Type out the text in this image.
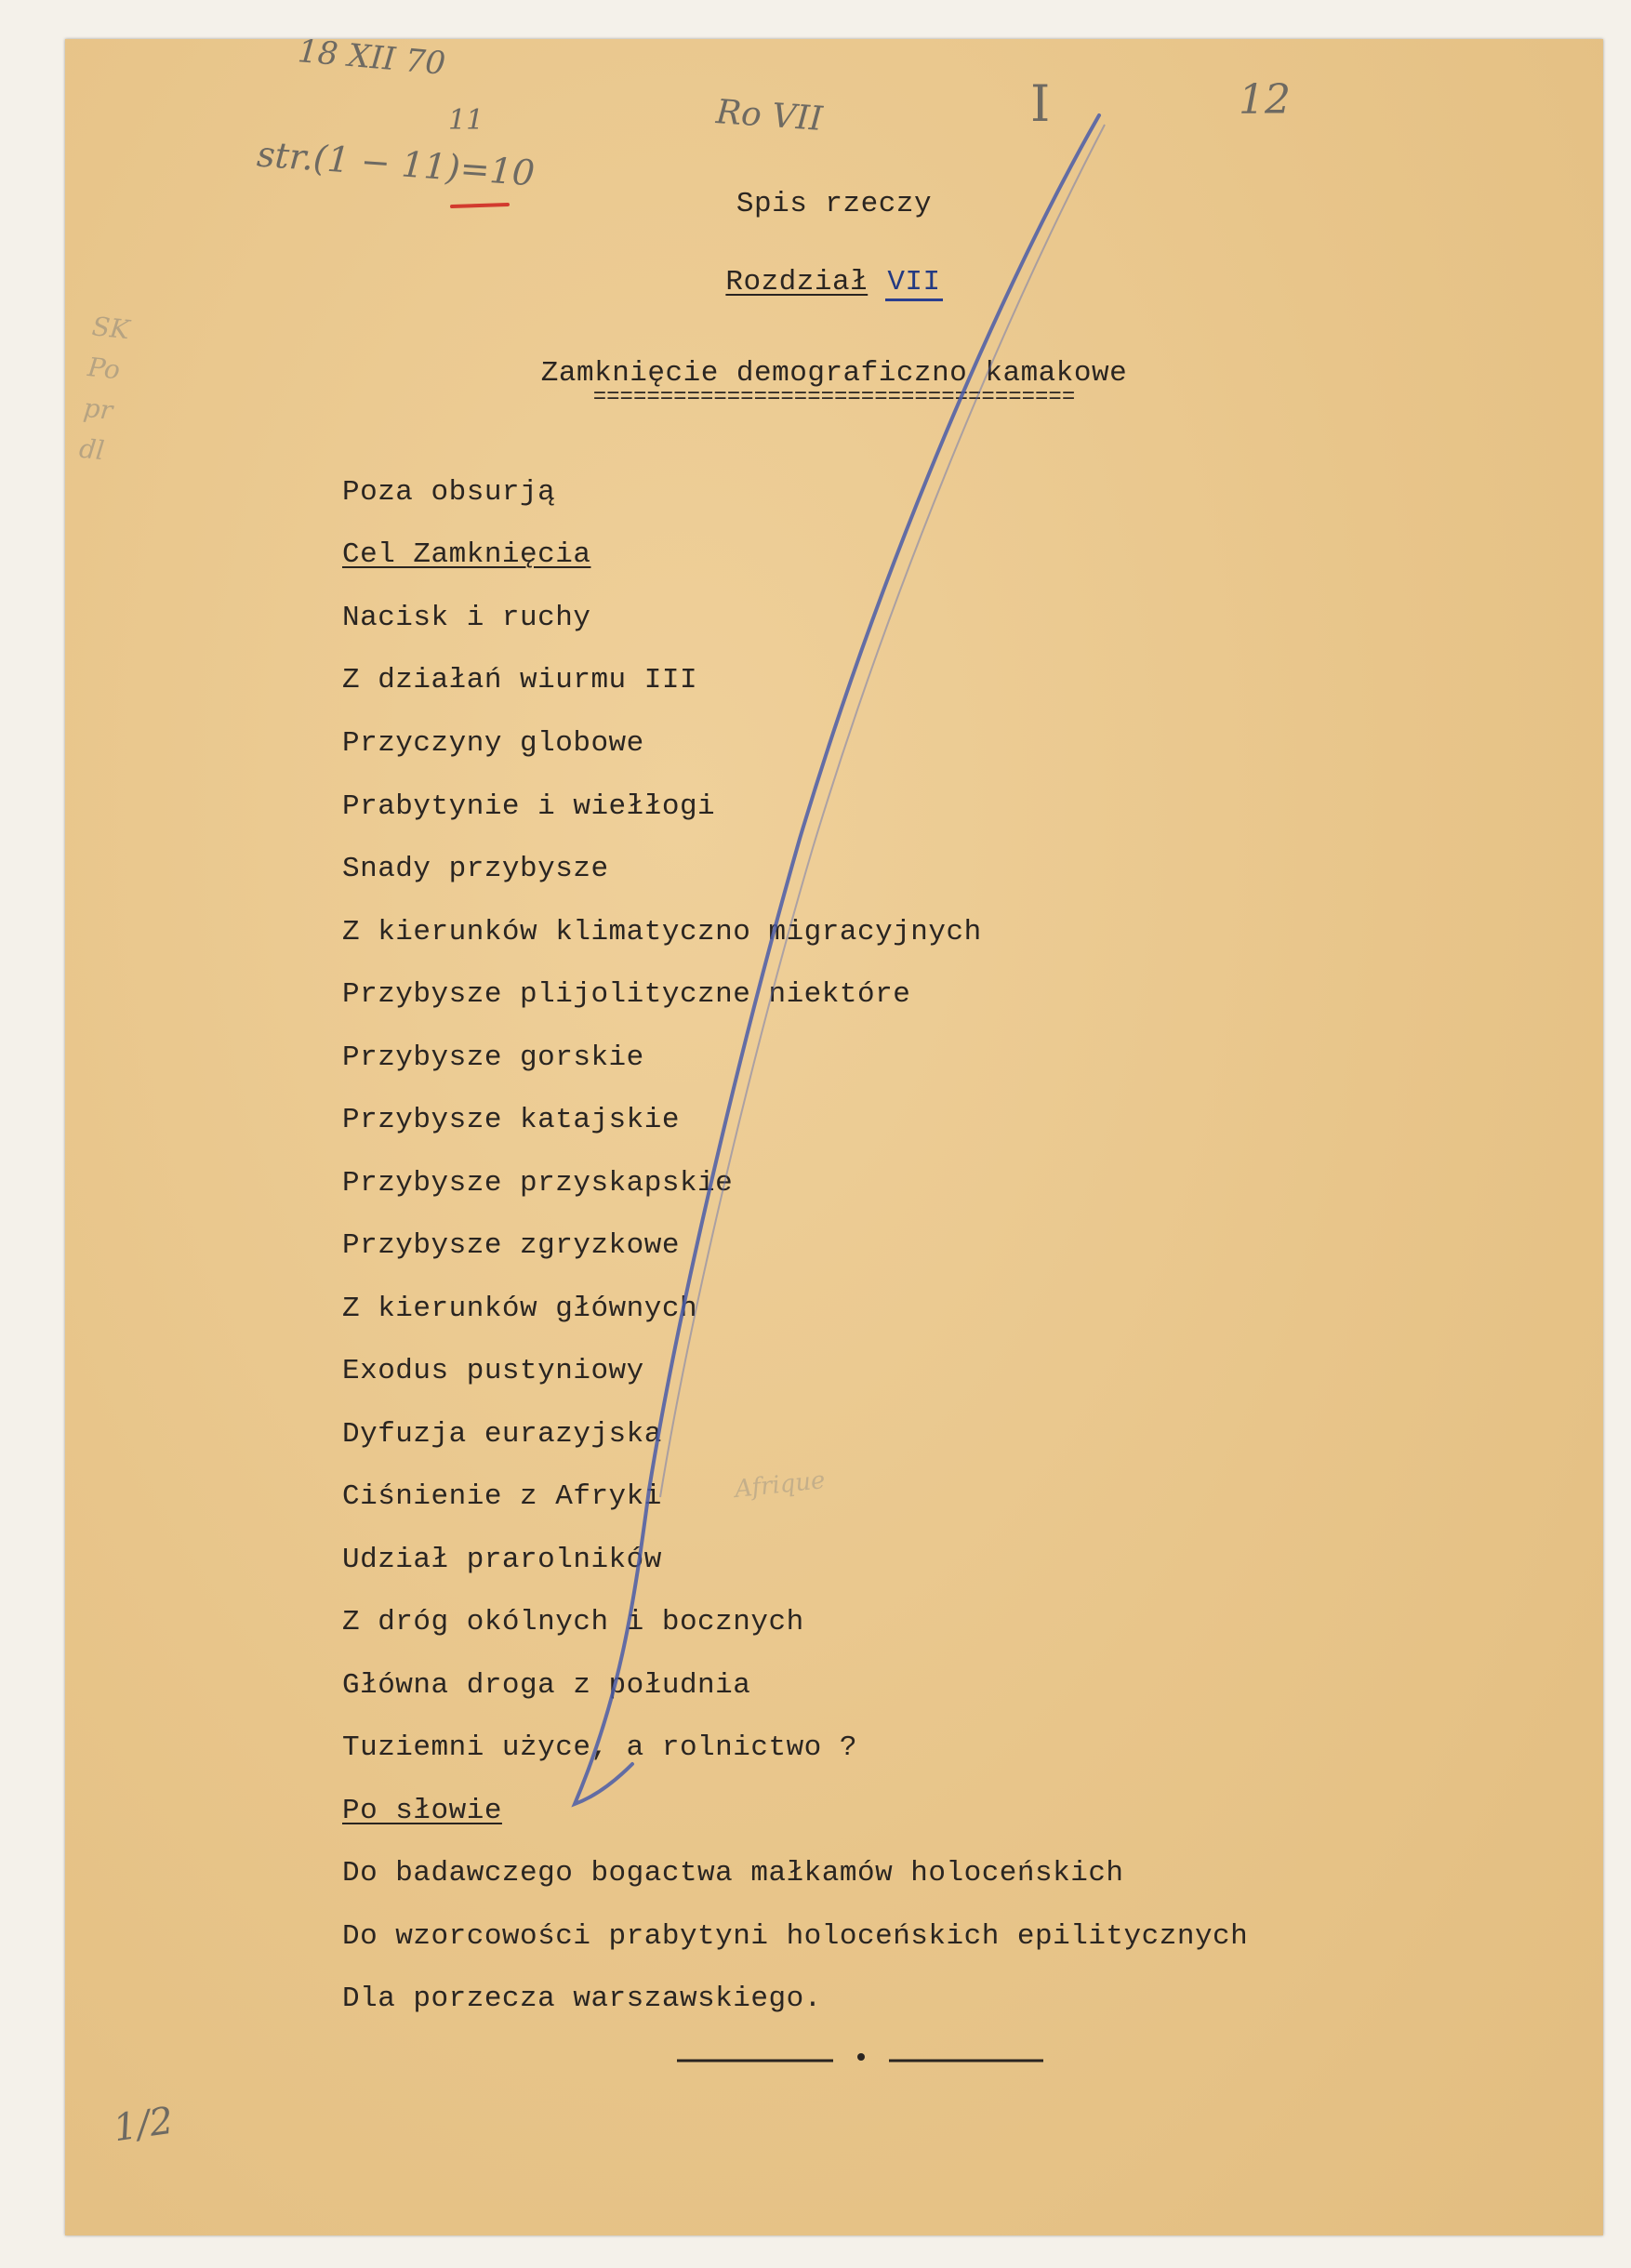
18 XII 70
11
str.(1 − 11)=10
Ro VII	I	12
SK Po pr dl
Afrique
1/2
Spis rzeczy
Rozdział VII
Zamknięcie demograficzno kamakowe
====================================
Poza obsurją
Cel Zamknięcia
Nacisk i ruchy
Z działań wiurmu III
Przyczyny globowe
Prabytynie i wiełłogi
Snady przybysze
Z kierunków klimatyczno migracyjnych
Przybysze plijolityczne niektóre
Przybysze gorskie
Przybysze katajskie
Przybysze przyskapskie
Przybysze zgryzkowe
Z kierunków głównych
Exodus pustyniowy
Dyfuzja eurazyjska
Ciśnienie z Afryki
Udział prarolników
Z dróg okólnych i bocznych
Główna droga z południa
Tuziemni użyce, a rolnictwo ?
Po słowie
Do badawczego bogactwa małkamów holoceńskich
Do wzorcowości prabytyni holoceńskich epilitycznych
Dla porzecza warszawskiego.
